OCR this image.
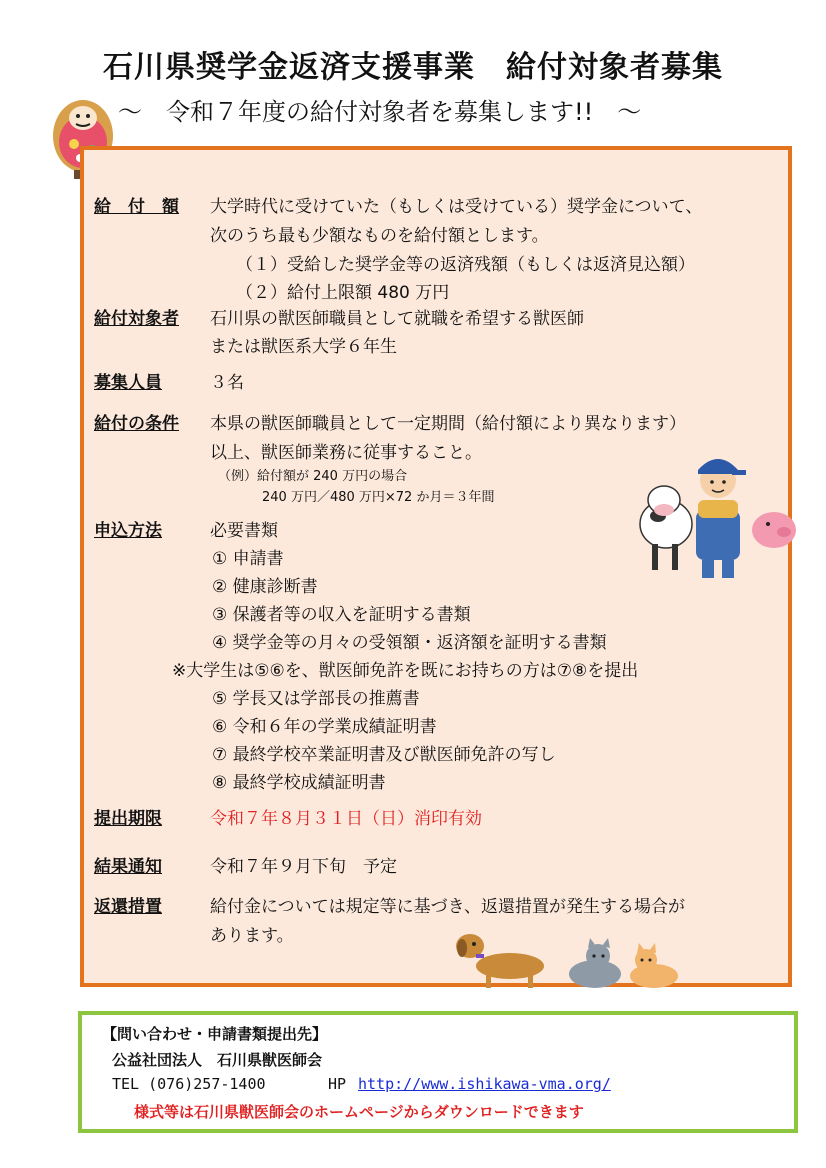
石川県奨学金返済支援事業　給付対象者募集
～　令和７年度の給付対象者を募集します!!　～
給　付　額 大学時代に受けていた（もしくは受けている）奨学金について、
次のうち最も少額なものを給付額とします。
（１）受給した奨学金等の返済残額（もしくは返済見込額）
（２）給付上限額 480 万円
給付対象者 石川県の獣医師職員として就職を希望する獣医師
または獣医系大学６年生
募集人員	３名
給付の条件 本県の獣医師職員として一定期間（給付額により異なります）
以上、獣医師業務に従事すること。
（例）給付額が 240 万円の場合
240 万円／480 万円×72 か月＝３年間
申込方法	必要書類
① 申請書
② 健康診断書
③ 保護者等の収入を証明する書類
④ 奨学金等の月々の受領額・返済額を証明する書類
※大学生は⑤⑥を、獣医師免許を既にお持ちの方は⑦⑧を提出
⑤ 学長又は学部長の推薦書
⑥ 令和６年の学業成績証明書
⑦ 最終学校卒業証明書及び獣医師免許の写し
⑧ 最終学校成績証明書
提出期限	令和７年８月３１日（日）消印有効
結果通知	令和７年９月下旬　予定
返還措置	給付金については規定等に基づき、返還措置が発生する場合が
あります。
【問い合わせ・申請書類提出先】
公益社団法人　石川県獣医師会
TEL (076)257-1400	HP http://www.ishikawa-vma.org/
様式等は石川県獣医師会のホームページからダウンロードできます
